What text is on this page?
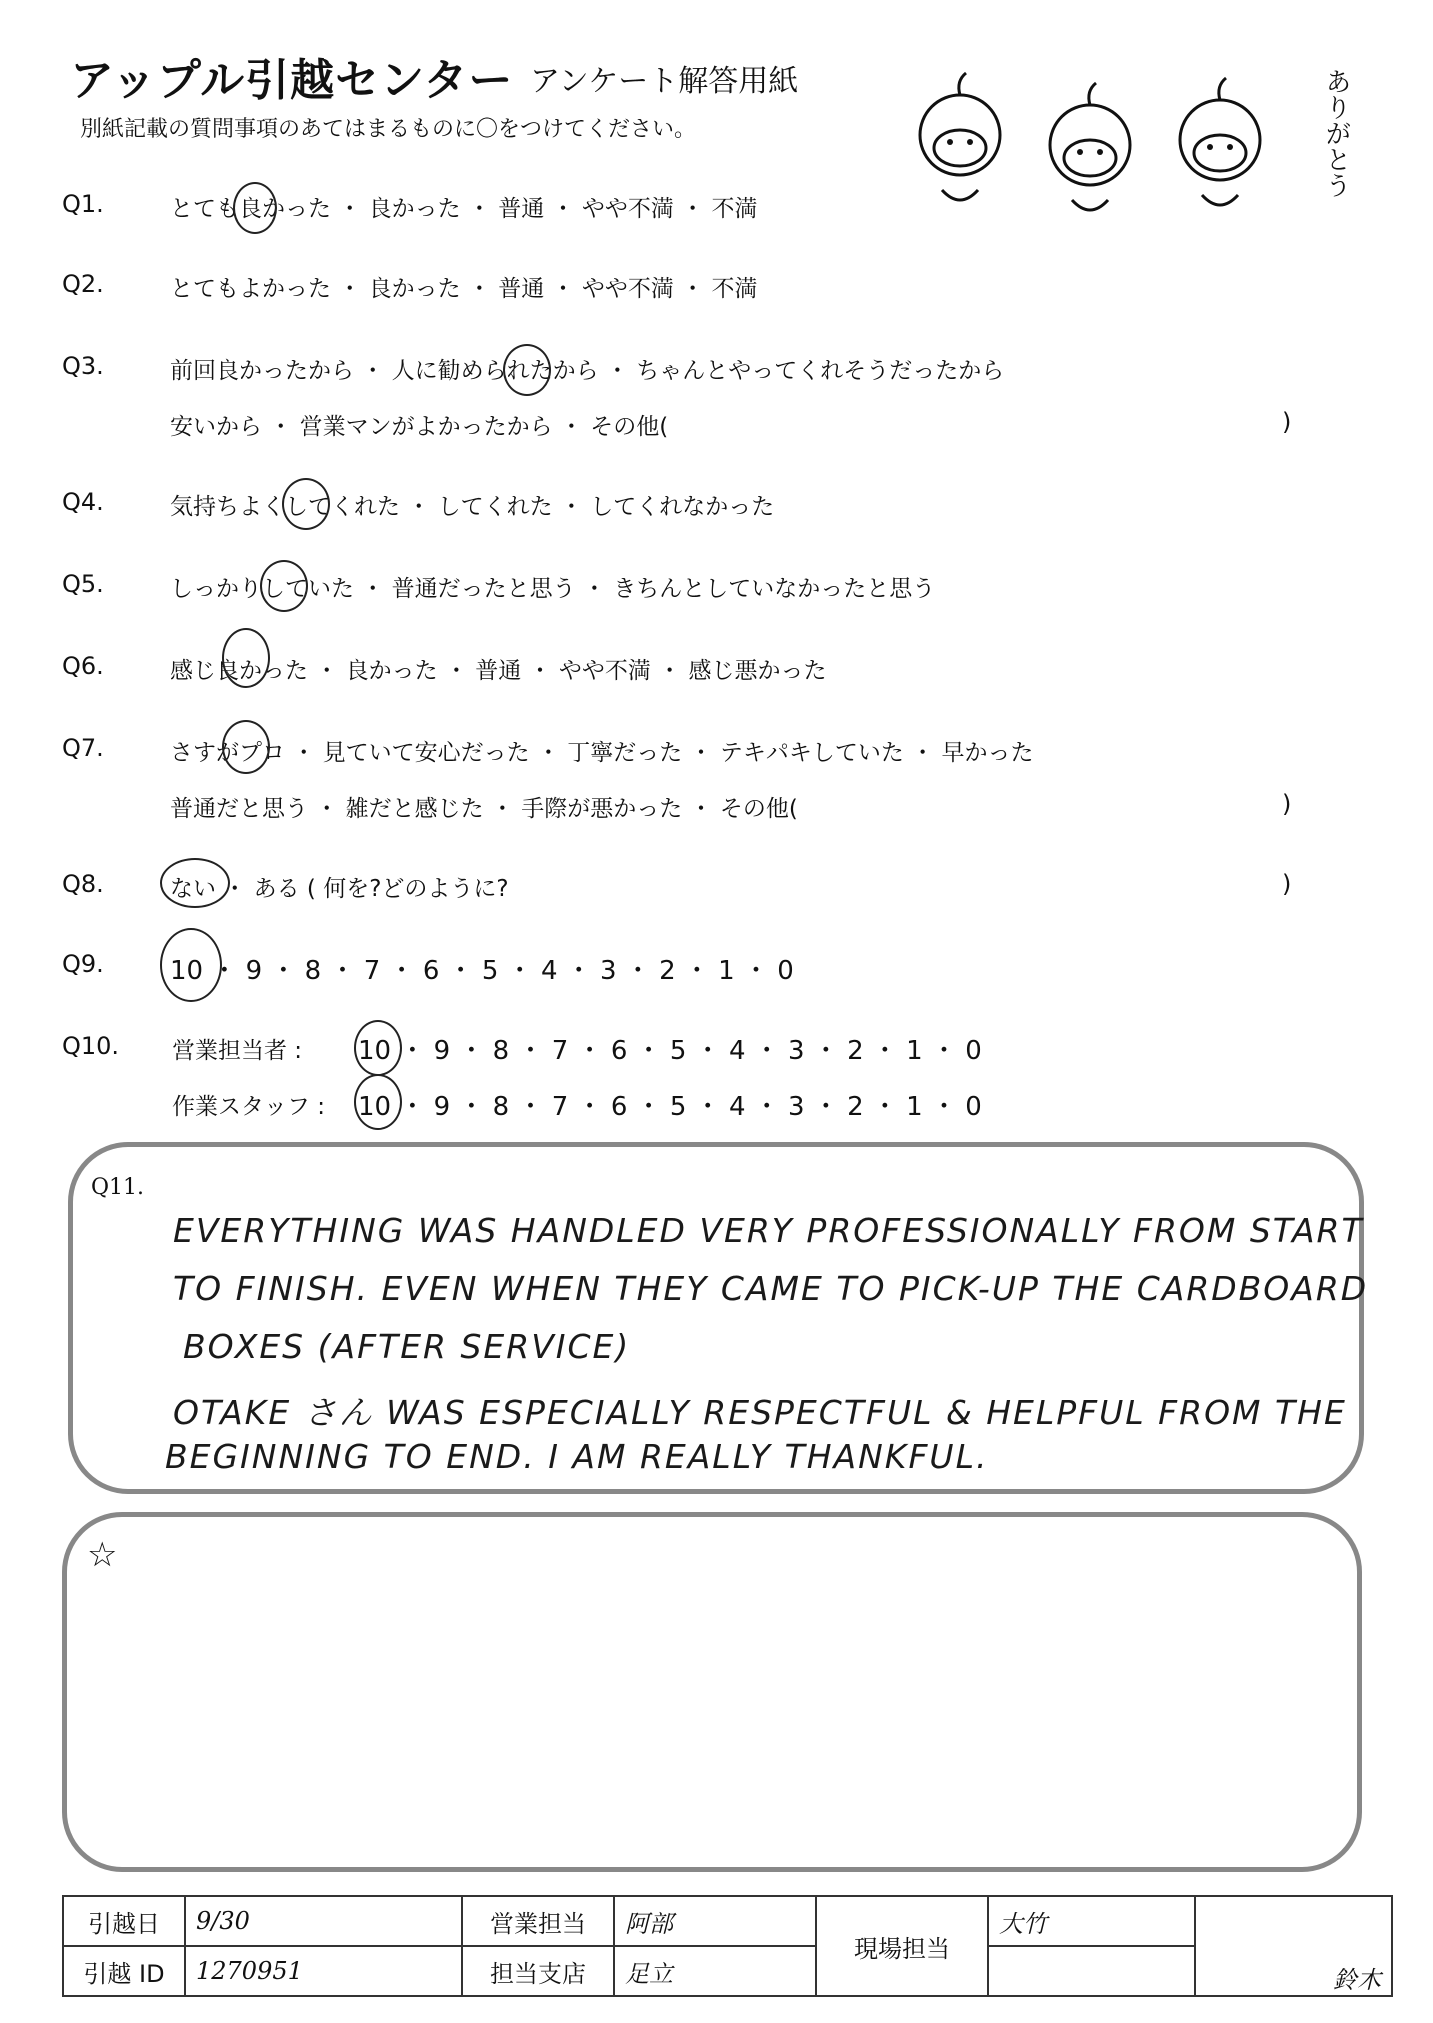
アップル引越センター アンケート解答用紙
別紙記載の質問事項のあてはまるものに〇をつけてください。	ありがとう
Q1.	とても良かった ・ 良かった ・ 普通 ・ やや不満 ・ 不満
Q2.	とてもよかった ・ 良かった ・ 普通 ・ やや不満 ・ 不満
Q3.	前回良かったから ・ 人に勧められたから ・ ちゃんとやってくれそうだったから
安いから ・ 営業マンがよかったから ・ その他(	)
Q4.	気持ちよくしてくれた ・ してくれた ・ してくれなかった
Q5.	しっかりしていた ・ 普通だったと思う ・ きちんとしていなかったと思う
Q6.	感じ良かった ・ 良かった ・ 普通 ・ やや不満 ・ 感じ悪かった
Q7.	さすがプロ ・ 見ていて安心だった ・ 丁寧だった ・ テキパキしていた ・ 早かった
普通だと思う ・ 雑だと感じた ・ 手際が悪かった ・ その他(	)
Q8.	ない ・ ある ( 何を?どのように?	)
Q9.	10 ・ 9 ・ 8 ・ 7 ・ 6 ・ 5 ・ 4 ・ 3 ・ 2 ・ 1 ・ 0
Q10. 営業担当者 : 10 ・ 9 ・ 8 ・ 7 ・ 6 ・ 5 ・ 4 ・ 3 ・ 2 ・ 1 ・ 0
作業スタッフ : 10 ・ 9 ・ 8 ・ 7 ・ 6 ・ 5 ・ 4 ・ 3 ・ 2 ・ 1 ・ 0
Q11.
EVERYTHING WAS HANDLED VERY PROFESSIONALLY FROM START
TO FINISH. EVEN WHEN THEY CAME TO PICK-UP THE CARDBOARD
BOXES (AFTER SERVICE)
OTAKE さん WAS ESPECIALLY RESPECTFUL & HELPFUL FROM THE
BEGINNING TO END. I AM REALLY THANKFUL.
☆
引越日	9/30	営業担当	阿部	現場担当	大竹	鈴木
引越 ID	1270951	担当支店	足立			
